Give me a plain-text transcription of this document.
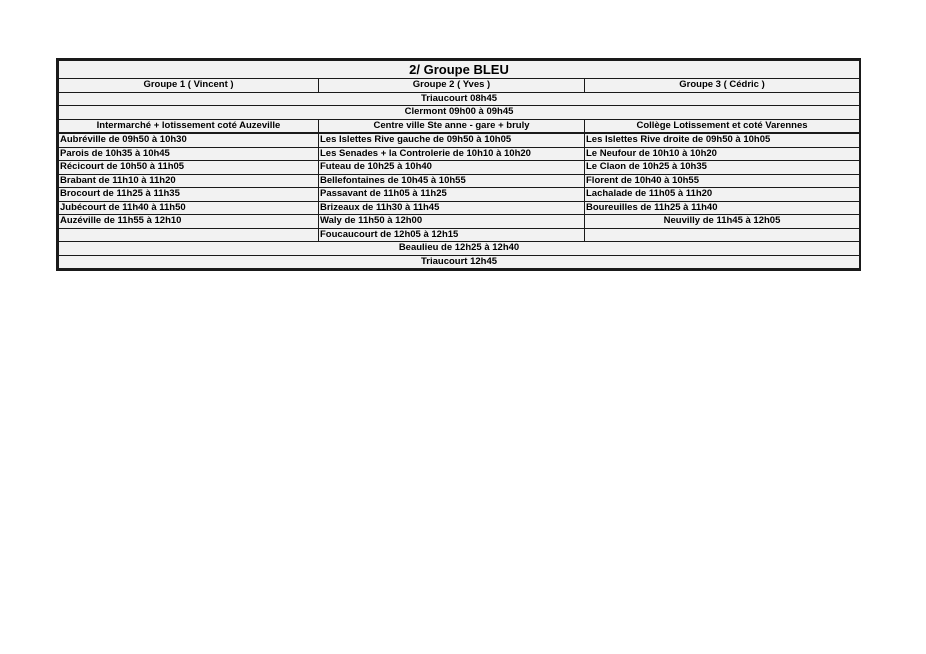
2/ Groupe BLEU		
Groupe 1 ( Vincent )	Groupe 2 ( Yves )	Groupe 3 ( Cédric )
Triaucourt 08h45		
Clermont 09h00 à 09h45		
Intermarché + lotissement coté Auzeville	Centre ville Ste anne - gare + bruly	Collège Lotissement et coté Varennes
Aubréville de 09h50 à 10h30	Les Islettes Rive gauche de 09h50 à 10h05	Les Islettes Rive droite de 09h50 à 10h05
Parois de 10h35 à 10h45	Les Senades + la Controlerie de 10h10 à 10h20	Le Neufour de 10h10 à 10h20
Récicourt de 10h50 à 11h05	Futeau de 10h25 à 10h40	Le Claon de 10h25 à 10h35
Brabant de 11h10 à 11h20	Bellefontaines de 10h45 à 10h55	Florent de 10h40 à 10h55
Brocourt de 11h25 à 11h35	Passavant de 11h05 à 11h25	Lachalade de 11h05 à 11h20
Jubécourt de 11h40 à 11h50	Brizeaux de 11h30 à 11h45	Boureuilles de 11h25 à 11h40
Auzéville de 11h55 à 12h10	Waly de 11h50 à 12h00	Neuvilly de 11h45 à 12h05
	Foucaucourt de 12h05 à 12h15	
Beaulieu de 12h25 à 12h40		
Triaucourt 12h45		
